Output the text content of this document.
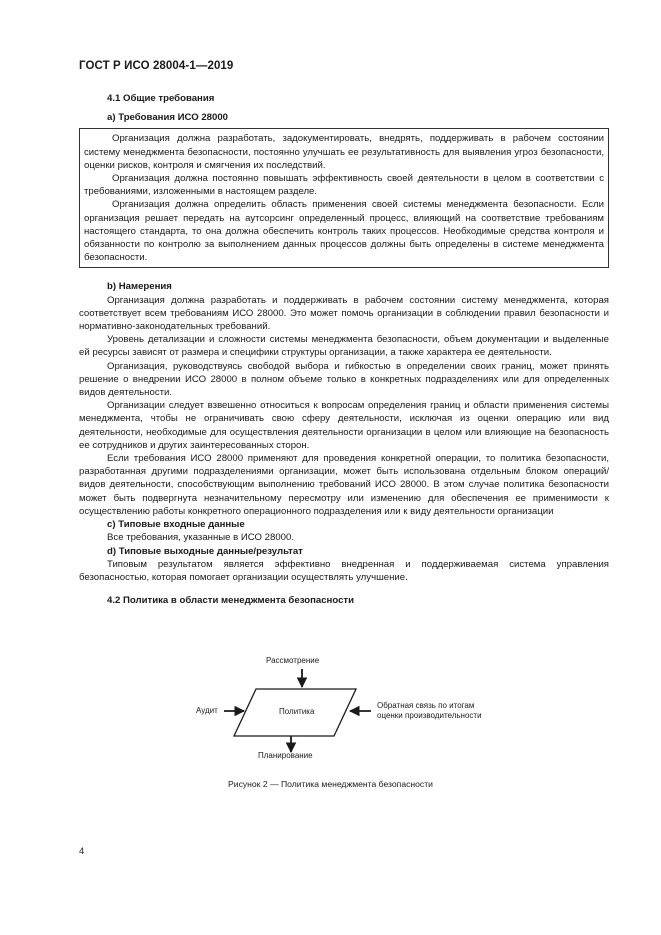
ГОСТ Р ИСО 28004-1—2019

4.1 Общие требования

a) Требования ИСО 28000

Организация должна разработать, задокументировать, внедрять, поддерживать в рабочем состоянии систему менеджмента безопасности, постоянно улучшать ее результативность для выявления угроз безопасности, оценки рисков, контроля и смягчения их последствий.

Организация должна постоянно повышать эффективность своей деятельности в целом в соответствии с требованиями, изложенными в настоящем разделе.

Организация должна определить область применения своей системы менеджмента безопасности. Если организация решает передать на аутсорсинг определенный процесс, влияющий на соответствие требованиям настоящего стандарта, то она должна обеспечить контроль таких процессов. Необходимые средства контроля и обязанности по контролю за выполнением данных процессов должны быть определены в системе менеджмента безопасности.

b) Намерения

Организация должна разработать и поддерживать в рабочем состоянии систему менеджмента, которая соответствует всем требованиям ИСО 28000. Это может помочь организации в соблюдении правил безопасности и нормативно-законодательных требований.

Уровень детализации и сложности системы менеджмента безопасности, объем документации и выделенные ей ресурсы зависят от размера и специфики структуры организации, а также характера ее деятельности.

Организация, руководствуясь свободой выбора и гибкостью в определении своих границ, может принять решение о внедрении ИСО 28000 в полном объеме только в конкретных подразделениях или для определенных видов деятельности.

Организации следует взвешенно относиться к вопросам определения границ и области применения системы менеджмента, чтобы не ограничивать свою сферу деятельности, исключая из оценки операцию или вид деятельности, необходимые для осуществления деятельности организации в целом или влияющие на безопасность ее сотрудников и других заинтересованных сторон.

Если требования ИСО 28000 применяют для проведения конкретной операции, то политика безопасности, разработанная другими подразделениями организации, может быть использована отдельным блоком операций/видов деятельности, способствующим выполнению требований ИСО 28000. В этом случае политика безопасности может быть подвергнута незначительному пересмотру или изменению для обеспечения ее применимости к осуществлению работы конкретного операционного подразделения или к виду деятельности организации

c) Типовые входные данные

Все требования, указанные в ИСО 28000.

d) Типовые выходные данные/результат

Типовым результатом является эффективно внедренная и поддерживаемая система управления безопасностью, которая помогает организации осуществлять улучшение.

4.2 Политика в области менеджмента безопасности

Рассмотрение
Аудит	Политика
Обратная связь по итогам
оценки производительности
Планирование
Рисунок 2 — Политика менеджмента безопасности
4
